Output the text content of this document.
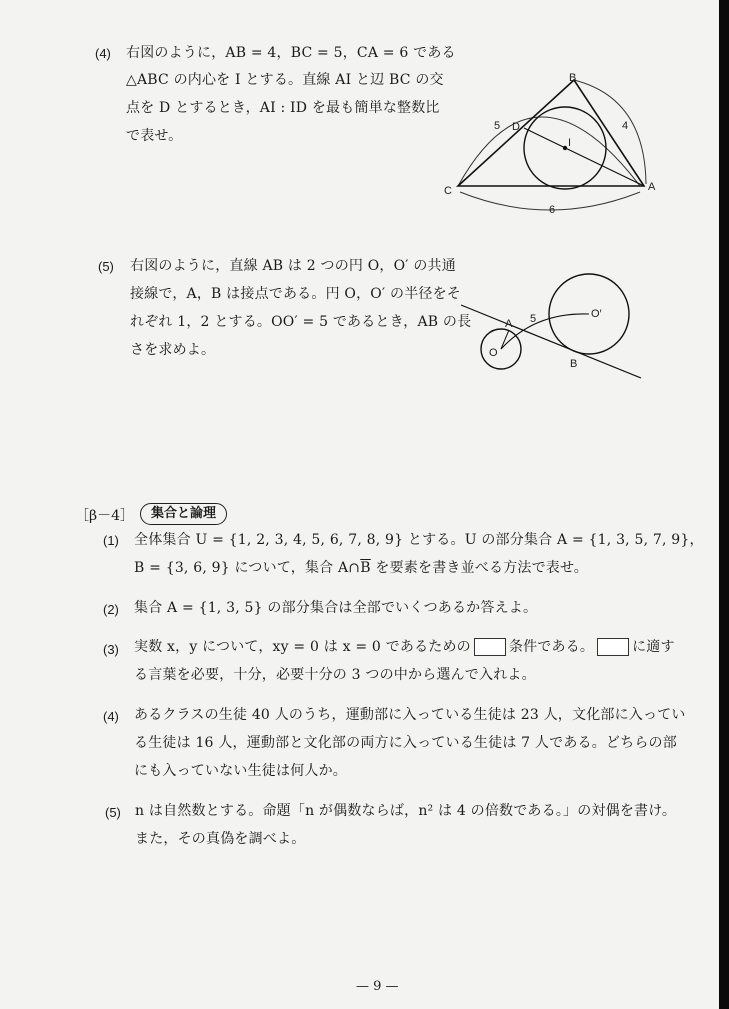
(4) 右図のように，AB = 4，BC = 5，CA = 6 である
△ABC の内心を I とする。直線 AI と辺 BC の交
点を D とするとき，AI : ID を最も簡単な整数比
で表せ。
B
A
C
D
I
5	4
6
(5) 右図のように，直線 AB は 2 つの円 O，O′ の共通
接線で，A，B は接点である。円 O，O′ の半径をそ
れぞれ 1，2 とする。OO′ = 5 であるとき，AB の長
さを求めよ。
A
B
O
O′
5
［β－4］	集合と論理
(1) 全体集合 U = {1, 2, 3, 4, 5, 6, 7, 8, 9} とする。U の部分集合 A = {1, 3, 5, 7, 9}，
B = {3, 6, 9} について，集合 $A\cap\overline{B}$ を要素を書き並べる方法で表せ。
(2) 集合 A = {1, 3, 5} の部分集合は全部でいくつあるか答えよ。
(3) 実数 x，y について，xy = 0 は x = 0 であるための	条件である。	に適す
る言葉を必要，十分，必要十分の 3 つの中から選んで入れよ。
(4) あるクラスの生徒 40 人のうち，運動部に入っている生徒は 23 人，文化部に入ってい
る生徒は 16 人，運動部と文化部の両方に入っている生徒は 7 人である。どちらの部
にも入っていない生徒は何人か。
(5) n は自然数とする。命題「n が偶数ならば，n² は 4 の倍数である。」の対偶を書け。
また，その真偽を調べよ。
— 9 —
